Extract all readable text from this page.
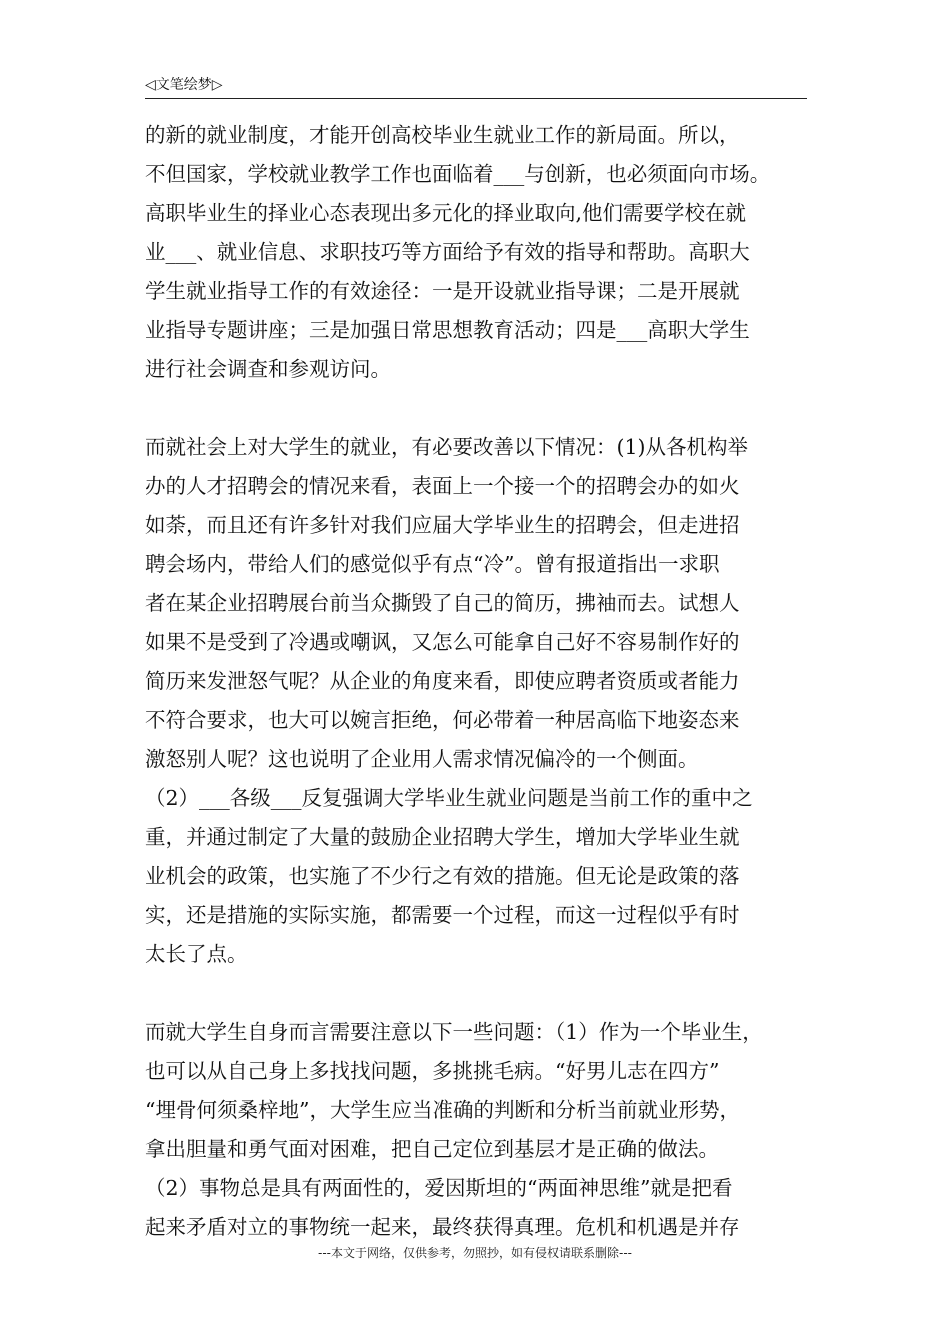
◁文笔绘梦▷
的新的就业制度，才能开创高校毕业生就业工作的新局面。所以，
不但国家，学校就业教学工作也面临着___与创新，也必须面向市场。
高职毕业生的择业心态表现出多元化的择业取向,他们需要学校在就
业___、就业信息、求职技巧等方面给予有效的指导和帮助。高职大
学生就业指导工作的有效途径：一是开设就业指导课；二是开展就
业指导专题讲座；三是加强日常思想教育活动；四是___高职大学生
进行社会调查和参观访问。
而就社会上对大学生的就业，有必要改善以下情况：(1)从各机构举
办的人才招聘会的情况来看，表面上一个接一个的招聘会办的如火
如荼，而且还有许多针对我们应届大学毕业生的招聘会，但走进招
聘会场内，带给人们的感觉似乎有点“冷”。曾有报道指出一求职
者在某企业招聘展台前当众撕毁了自己的简历，拂袖而去。试想人
如果不是受到了冷遇或嘲讽，又怎么可能拿自己好不容易制作好的
简历来发泄怒气呢？从企业的角度来看，即使应聘者资质或者能力
不符合要求，也大可以婉言拒绝，何必带着一种居高临下地姿态来
激怒别人呢？这也说明了企业用人需求情况偏冷的一个侧面。
（2）___各级___反复强调大学毕业生就业问题是当前工作的重中之
重，并通过制定了大量的鼓励企业招聘大学生，增加大学毕业生就
业机会的政策，也实施了不少行之有效的措施。但无论是政策的落
实，还是措施的实际实施，都需要一个过程，而这一过程似乎有时
太长了点。
而就大学生自身而言需要注意以下一些问题：（1）作为一个毕业生，
也可以从自己身上多找找问题，多挑挑毛病。“好男儿志在四方”
“埋骨何须桑梓地”，大学生应当准确的判断和分析当前就业形势，
拿出胆量和勇气面对困难，把自己定位到基层才是正确的做法。
（2）事物总是具有两面性的，爱因斯坦的“两面神思维”就是把看
起来矛盾对立的事物统一起来，最终获得真理。危机和机遇是并存
---本文于网络，仅供参考，勿照抄，如有侵权请联系删除---
